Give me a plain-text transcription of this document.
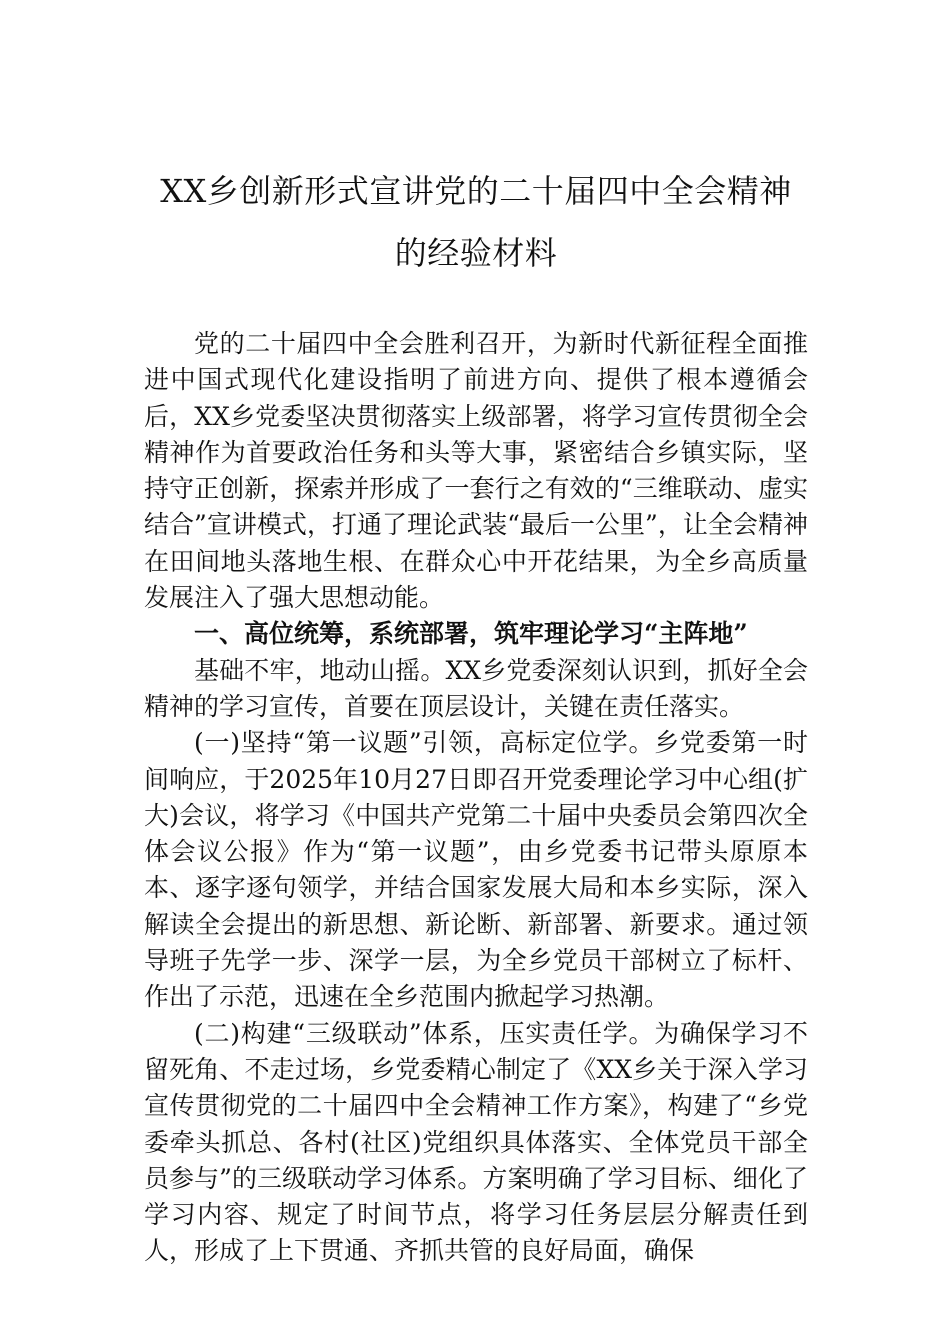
XX乡创新形式宣讲党的二十届四中全会精神的经验材料

党的二十届四中全会胜利召开，为新时代新征程全面推进中国式现代化建设指明了前进方向、提供了根本遵循会后，XX乡党委坚决贯彻落实上级部署，将学习宣传贯彻全会精神作为首要政治任务和头等大事，紧密结合乡镇实际，坚持守正创新，探索并形成了一套行之有效的“三维联动、虚实结合”宣讲模式，打通了理论武装“最后一公里”，让全会精神在田间地头落地生根、在群众心中开花结果，为全乡高质量发展注入了强大思想动能。

一、高位统筹，系统部署，筑牢理论学习“主阵地”

基础不牢，地动山摇。XX乡党委深刻认识到，抓好全会精神的学习宣传，首要在顶层设计，关键在责任落实。

(一)坚持“第一议题”引领，高标定位学。乡党委第一时间响应，于2025年10月27日即召开党委理论学习中心组(扩大)会议，将学习《中国共产党第二十届中央委员会第四次全体会议公报》作为“第一议题”，由乡党委书记带头原原本本、逐字逐句领学，并结合国家发展大局和本乡实际，深入解读全会提出的新思想、新论断、新部署、新要求。通过领导班子先学一步、深学一层，为全乡党员干部树立了标杆、作出了示范，迅速在全乡范围内掀起学习热潮。

(二)构建“三级联动”体系，压实责任学。为确保学习不留死角、不走过场，乡党委精心制定了《XX乡关于深入学习宣传贯彻党的二十届四中全会精神工作方案》，构建了“乡党委牵头抓总、各村(社区)党组织具体落实、全体党员干部全员参与”的三级联动学习体系。方案明确了学习目标、细化了学习内容、规定了时间节点，将学习任务层层分解责任到人，形成了上下贯通、齐抓共管的良好局面，确保
